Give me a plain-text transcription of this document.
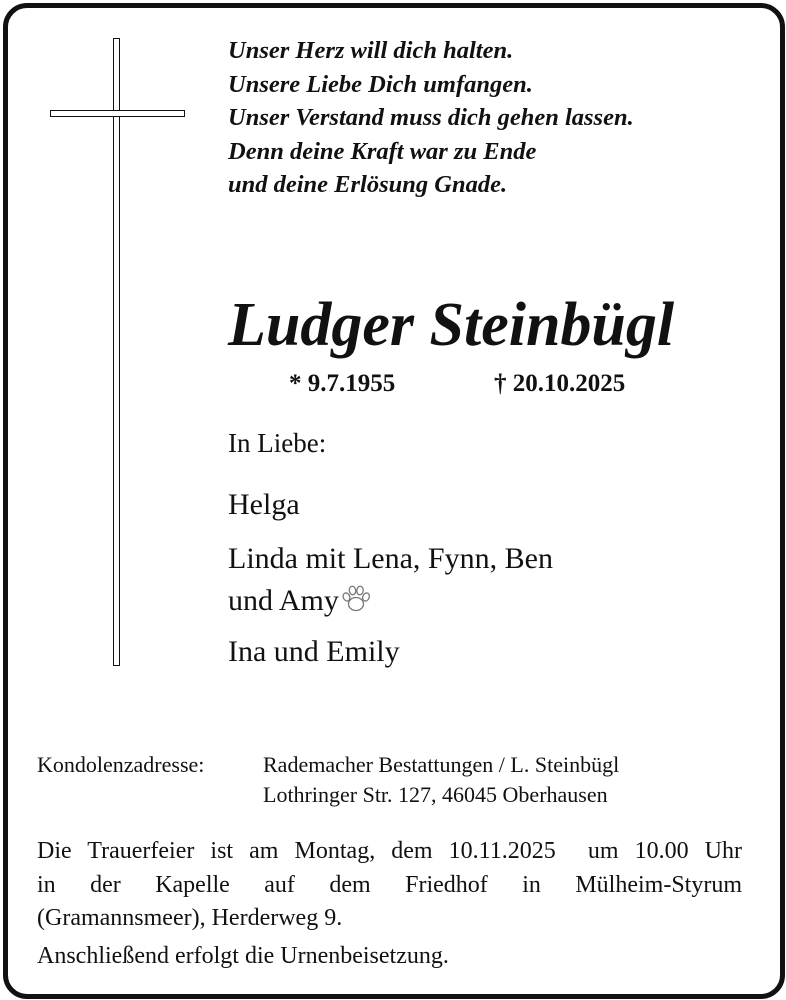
Unser Herz will dich halten.
Unsere Liebe Dich umfangen.
Unser Verstand muss dich gehen lassen.
Denn deine Kraft war zu Ende
und deine Erlösung Gnade.
Ludger Steinbügl
* 9.7.1955	† 20.10.2025
In Liebe:
Helga
Linda mit Lena, Fynn, Ben
und Amy
Ina und Emily
Kondolenzadresse:	Rademacher Bestattungen / L. Steinbügl
Lothringer Str. 127, 46045 Oberhausen
Die Trauerfeier ist am Montag, dem 10.11.2025  um 10.00 Uhr
in der Kapelle auf dem Friedhof in Mülheim-Styrum
(Gramannsmeer), Herderweg 9.
Anschließend erfolgt die Urnenbeisetzung.
